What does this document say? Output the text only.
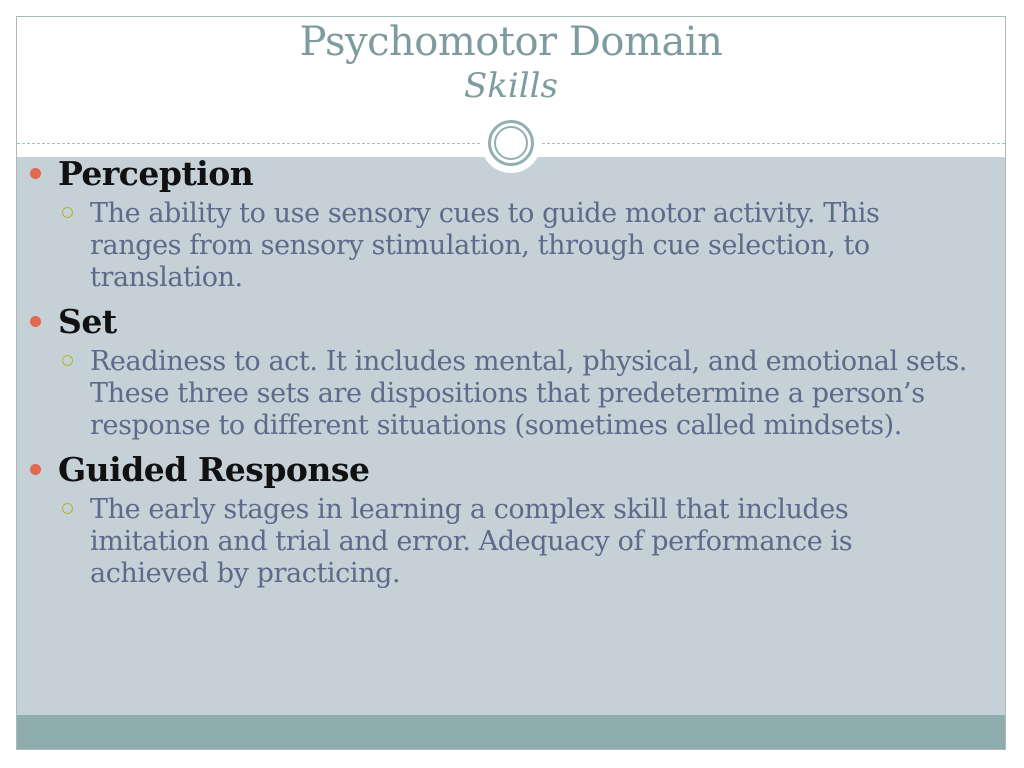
Psychomotor Domain
Skills
Perception

The ability to use sensory cues to guide motor activity. This ranges from sensory stimulation, through cue selection, to translation.

Set

Readiness to act. It includes mental, physical, and emotional sets. These three sets are dispositions that predetermine a person’s response to different situations (sometimes called mindsets).

Guided Response

The early stages in learning a complex skill that includes imitation and trial and error. Adequacy of performance is achieved by practicing.
